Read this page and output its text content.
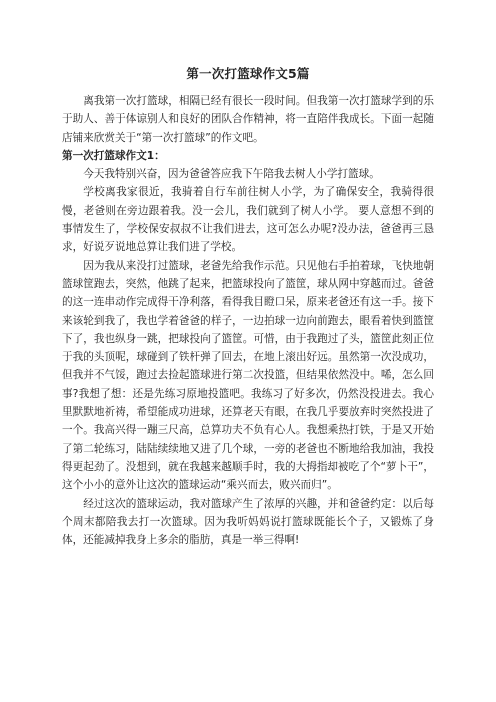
第一次打篮球作文5篇

离我第一次打篮球，相隔已经有很长一段时间。但我第一次打篮球学到的乐于助人、善于体谅别人和良好的团队合作精神，将一直陪伴我成长。下面一起随店铺来欣赏关于“第一次打篮球”的作文吧。

第一次打篮球作文1：

今天我特别兴奋，因为爸爸答应我下午陪我去树人小学打篮球。

学校离我家很近，我骑着自行车前往树人小学，为了确保安全，我骑得很慢，老爸则在旁边跟着我。没一会儿，我们就到了树人小学。 要人意想不到的事情发生了，学校保安叔叔不让我们进去，这可怎么办呢?没办法，爸爸再三恳求，好说歹说地总算让我们进了学校。

因为我从来没打过篮球，老爸先给我作示范。只见他右手拍着球，飞快地朝篮球筐跑去，突然，他跳了起来，把篮球投向了篮筐，球从网中穿越而过。爸爸的这一连串动作完成得干净利落，看得我目瞪口呆，原来老爸还有这一手。接下来该轮到我了，我也学着爸爸的样子，一边拍球一边向前跑去，眼看着快到篮筐下了，我也纵身一跳，把球投向了篮筐。可惜，由于我跑过了头，篮筐此刻正位于我的头顶呢，球碰到了铁杆弹了回去，在地上滚出好远。虽然第一次没成功，但我并不气馁，跑过去捡起篮球进行第二次投篮，但结果依然没中。唏，怎么回事?我想了想：还是先练习原地投篮吧。我练习了好多次，仍然没投进去。我心里默默地祈祷，希望能成功进球，还算老天有眼，在我几乎要放弃时突然投进了一个。我高兴得一蹦三尺高，总算功夫不负有心人。我想乘热打铁，于是又开始了第二轮练习，陆陆续续地又进了几个球，一旁的老爸也不断地给我加油，我投得更起劲了。没想到，就在我越来越顺手时，我的大拇指却被吃了个“萝卜干”，这个小小的意外让这次的篮球运动“乘兴而去，败兴而归”。

经过这次的篮球运动，我对篮球产生了浓厚的兴趣，并和爸爸约定：以后每个周末都陪我去打一次篮球。因为我听妈妈说打篮球既能长个子，又锻炼了身体，还能减掉我身上多余的脂肪，真是一举三得啊!
